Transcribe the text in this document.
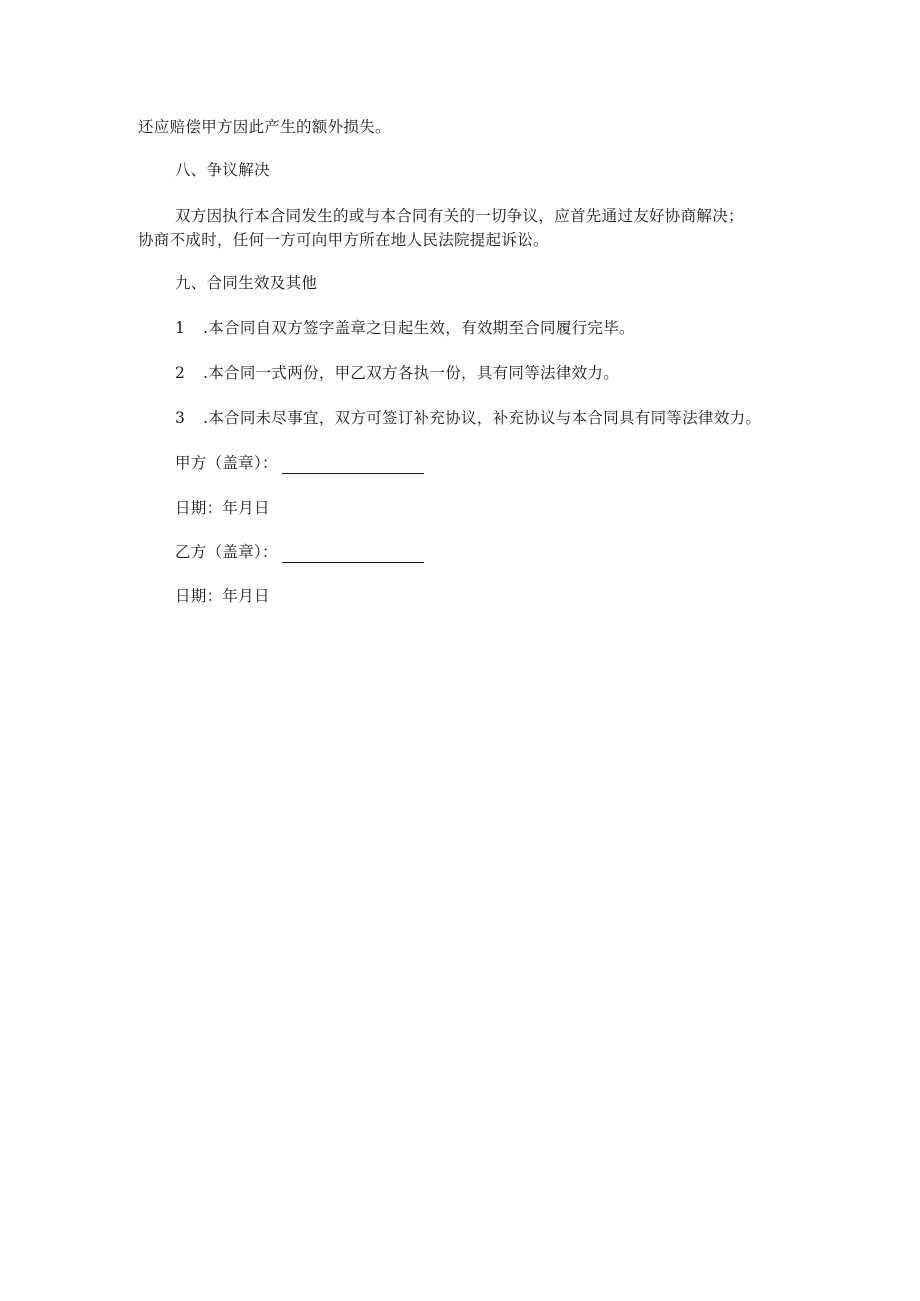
还应赔偿甲方因此产生的额外损失。
八、争议解决
双方因执行本合同发生的或与本合同有关的一切争议，应首先通过友好协商解决；
协商不成时，任何一方可向甲方所在地人民法院提起诉讼。
九、合同生效及其他
1 .本合同自双方签字盖章之日起生效，有效期至合同履行完毕。
2 .本合同一式两份，甲乙双方各执一份，具有同等法律效力。
3 .本合同未尽事宜，双方可签订补充协议，补充协议与本合同具有同等法律效力。
甲方（盖章）：
日期：年月日
乙方（盖章）：
日期：年月日
